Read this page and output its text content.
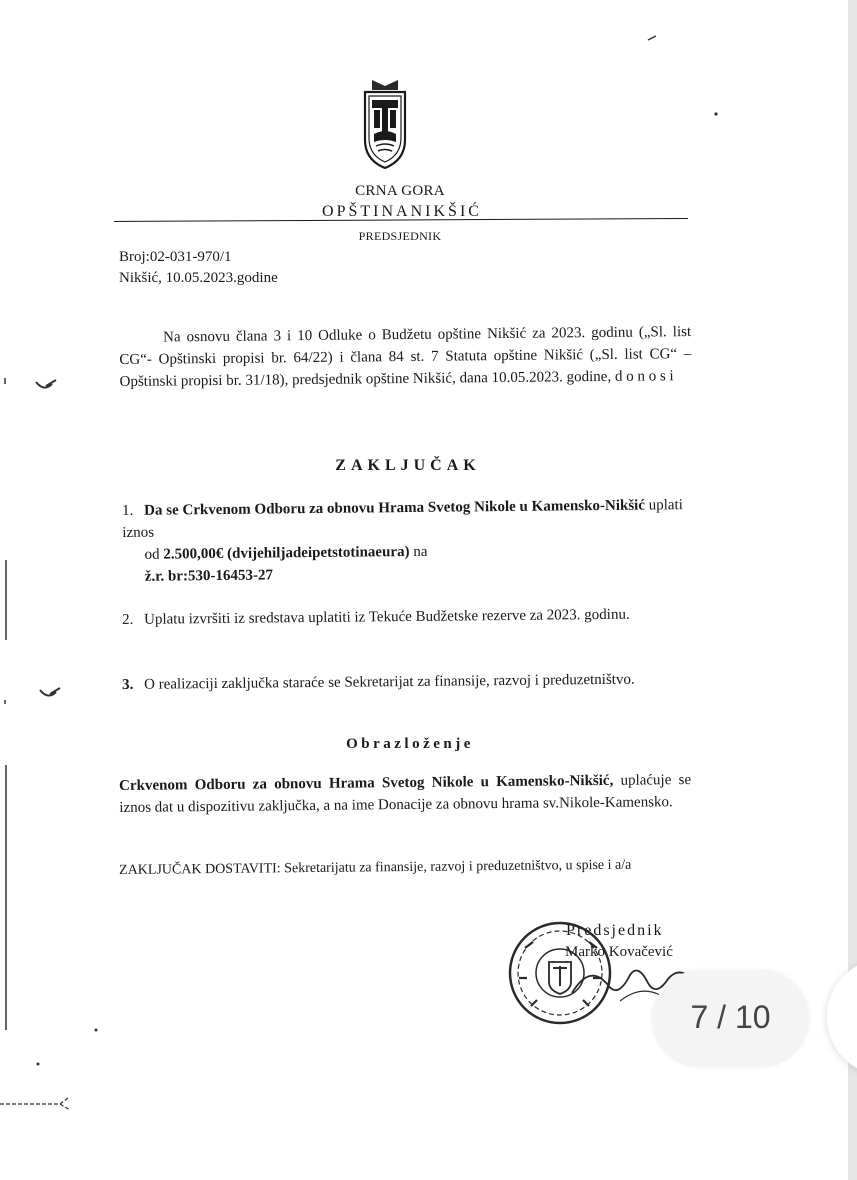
CRNA GORA
OPŠTINANIKŠIĆ
PREDSJEDNIK
Broj:02-031-970/1
Nikšić, 10.05.2023.godine
Na osnovu člana 3 i 10 Odluke o Budžetu opštine Nikšić za 2023. godinu („Sl. list CG“- Opštinski propisi br. 64/22) i člana 84 st. 7 Statuta opštine Nikšić („Sl. list CG“ – Opštinski propisi br. 31/18), predsjednik opštine Nikšić, dana 10.05.2023. godine, d o n o s i
ZAKLJUČAK
1. Da se Crkvenom Odboru za obnovu Hrama Svetog Nikole u Kamensko-Nikšić uplati iznos
od 2.500,00€ (dvijehiljadeipetstotinaeura) na
ž.r. br:530-16453-27
2. Uplatu izvršiti iz sredstava uplatiti iz Tekuće Budžetske rezerve za 2023. godinu.
3. O realizaciji zaključka staraće se Sekretarijat za finansije, razvoj i preduzetništvo.
Obrazloženje
Crkvenom Odboru za obnovu Hrama Svetog Nikole u Kamensko-Nikšić, uplaćuje se iznos dat u dispozitivu zaključka, a na ime Donacije za obnovu hrama sv.Nikole-Kamensko.
ZAKLJUČAK DOSTAVITI: Sekretarijatu za finansije, razvoj i preduzetništvo, u spise i a/a
Predsjednik
Marko Kovačević
7 / 10
